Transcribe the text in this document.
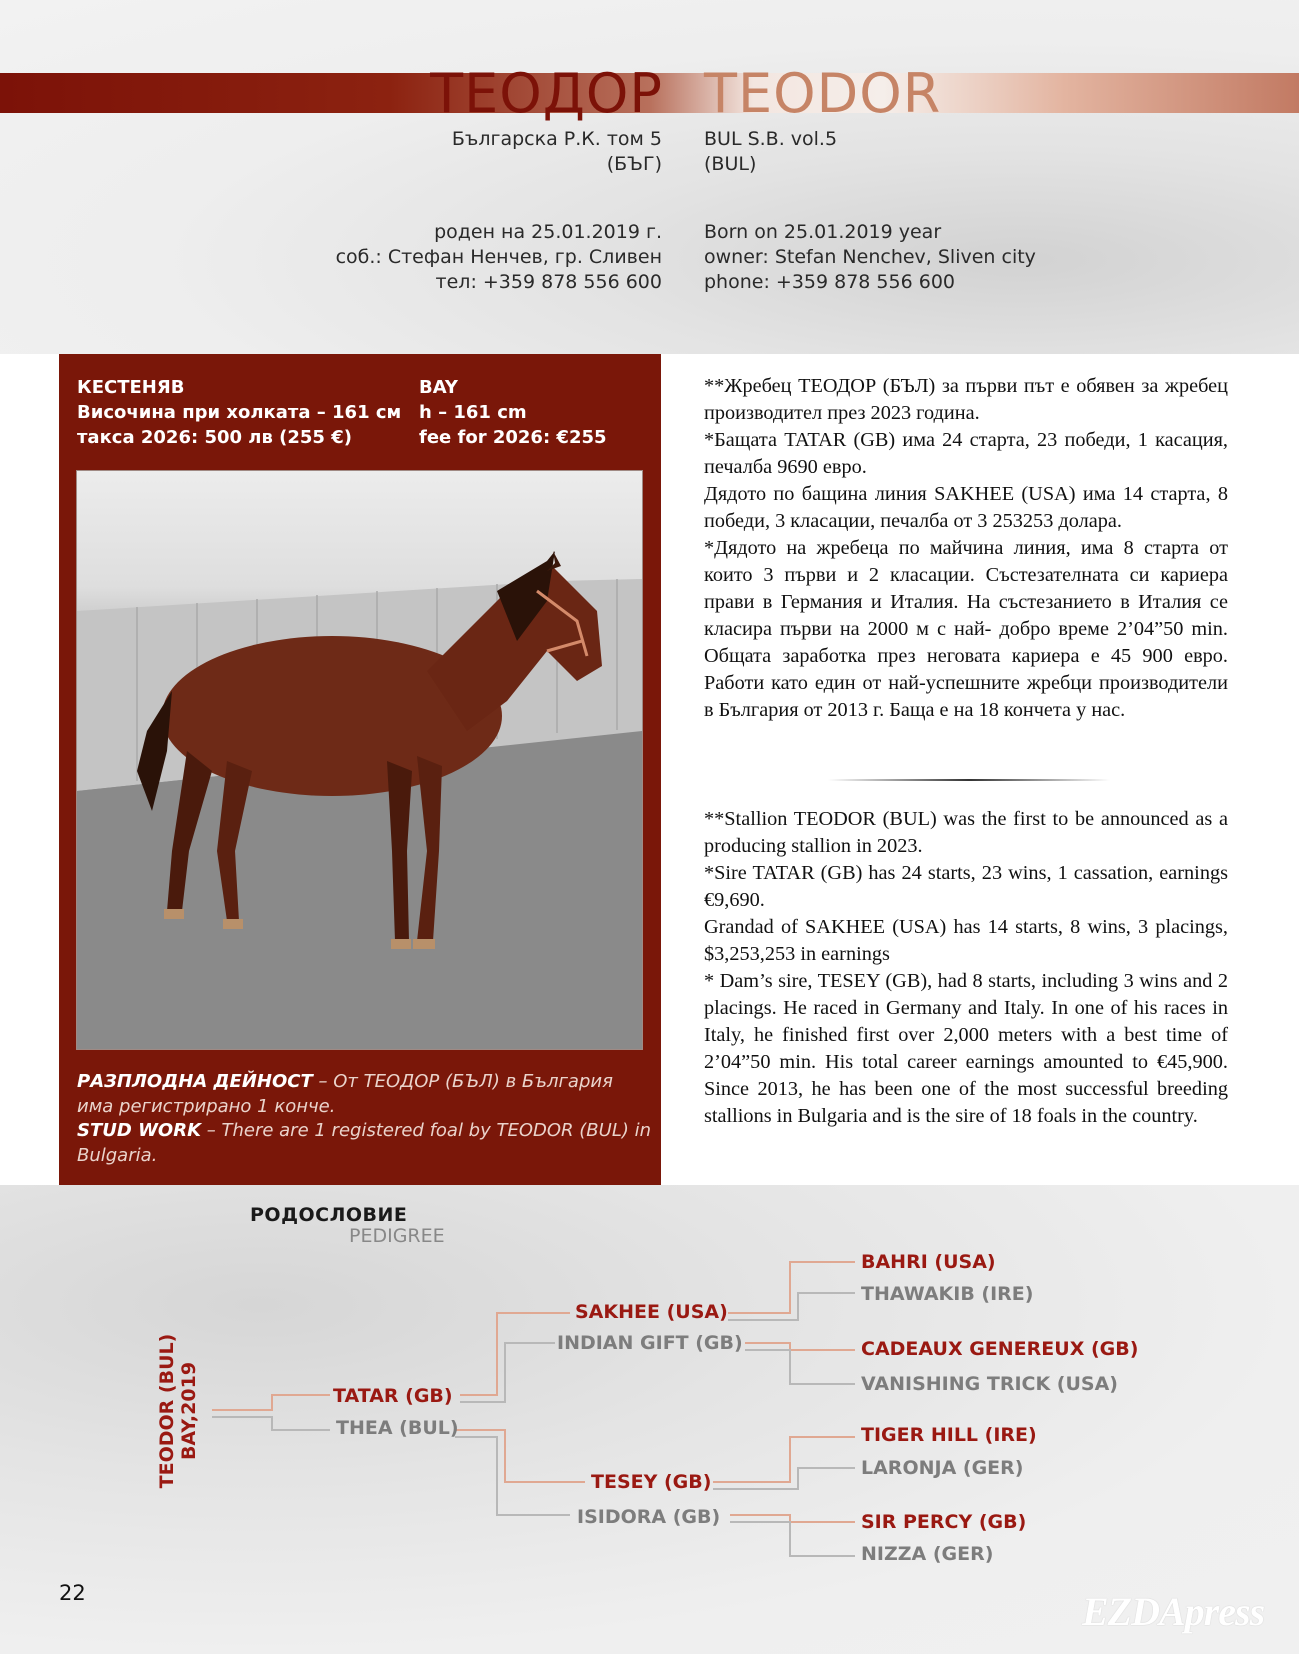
ТЕОДОР TEODOR
Българска Р.К. том 5
(БЪГ)
BUL S.B. vol.5
(BUL)
роден на 25.01.2019 г.
соб.: Стефан Ненчев, гр. Сливен
тел: +359 878 556 600
Born on 25.01.2019 year
owner: Stefan Nenchev, Sliven city
phone: +359 878 556 600
КЕСТЕНЯВ
Височина при холката – 161 см
такса 2026: 500 лв (255 €)
BAY
h – 161 cm
fee for 2026: €255
РАЗПЛОДНА ДЕЙНОСТ – От ТЕОДОР (БЪЛ) в България има регистрирано 1 конче.
STUD WORK – There are 1 registered foal by TEODOR (BUL) in Bulgaria.

**Жребец ТЕОДОР (БЪЛ) за първи път е обявен за жребец производител през 2023 година.

*Бащата TATAR (GB) има 24 старта, 23 победи, 1 касация, печалба 9690 евро.

Дядото по бащина линия SAKHEE (USA) има 14 старта, 8 победи, 3 класации, печалба от 3 253253 долара.

*Дядото на жребеца по майчина линия, има 8 старта от които 3 първи и 2 класации. Състезателната си кариера прави в Германия и Италия. На състезанието в Италия се класира първи на 2000 м с най- добро време 2’04”50 min. Общата заработка през неговата кариера е 45 900 евро. Работи като един от най-успешните жребци производители в България от 2013 г. Баща е на 18 кончета у нас.

**Stallion TEODOR (BUL) was the first to be announced as a producing stallion in 2023.

*Sire TATAR (GB) has 24 starts, 23 wins, 1 cassation, earnings €9,690.

Grandad of SAKHEE (USA) has 14 starts, 8 wins, 3 placings, $3,253,253 in earnings

* Dam’s sire, TESEY (GB), had 8 starts, including 3 wins and 2 placings. He raced in Germany and Italy. In one of his races in Italy, he finished first over 2,000 meters with a best time of 2’04”50 min. His total career earnings amounted to €45,900. Since 2013, he has been one of the most successful breeding stallions in Bulgaria and is the sire of 18 foals in the country.

РОДОСЛОВИЕ
PEDIGREE
TEODOR (BUL) BAY,2019	TATAR (GB)
THEA (BUL)
SAKHEE (USA)
INDIAN GIFT (GB)
TESEY (GB)
ISIDORA (GB)
BAHRI (USA)
THAWAKIB (IRE)
CADEAUX GENEREUX (GB)
VANISHING TRICK (USA)
TIGER HILL (IRE)
LARONJA (GER)
SIR PERCY (GB)
NIZZA (GER)
22	EZDApress
